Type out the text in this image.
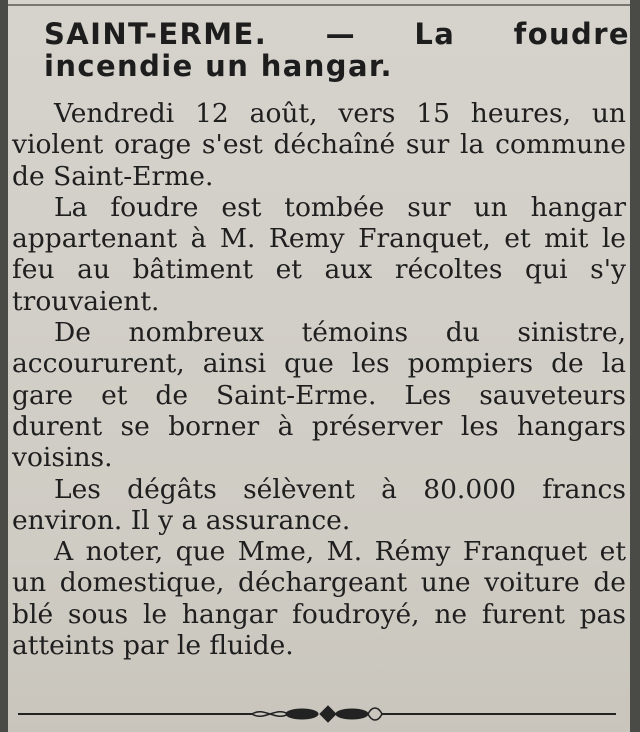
SAINT-ERME. — La foudre incendie un hangar.

Vendredi 12 août, vers 15 heures, un violent orage s'est déchaîné sur la commune de Saint-Erme.

La foudre est tombée sur un hangar appartenant à M. Remy Franquet, et mit le feu au bâtiment et aux récoltes qui s'y trouvaient.

De nombreux témoins du sinistre, accoururent, ainsi que les pompiers de la gare et de Saint-Erme. Les sauveteurs durent se borner à préserver les hangars voisins.

Les dégâts sélèvent à 80.000 francs environ. Il y a assurance.

A noter, que Mme, M. Rémy Franquet et un domestique, déchargeant une voiture de blé sous le hangar foudroyé, ne furent pas atteints par le fluide.
